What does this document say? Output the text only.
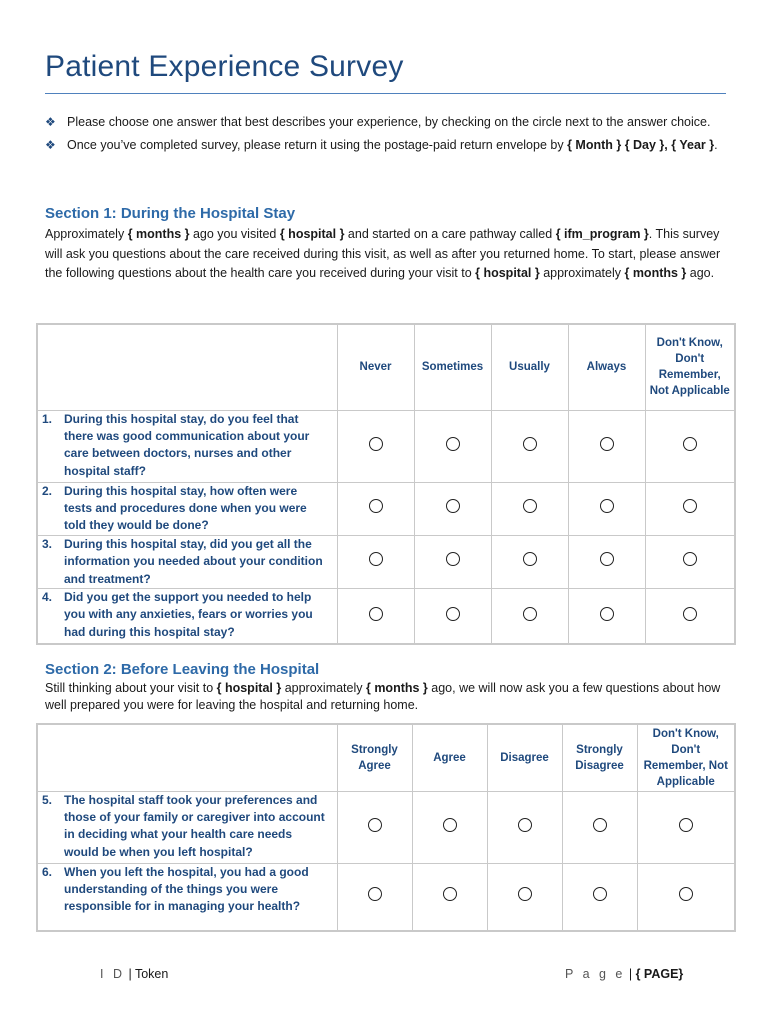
Patient Experience Survey
❖ Please choose one answer that best describes your experience, by checking on the circle next to the answer choice.
❖ Once you’ve completed survey, please return it using the postage-paid return envelope by { Month } { Day }, { Year }.
Section 1: During the Hospital Stay
Approximately { months } ago you visited { hospital } and started on a care pathway called { ifm_program }. This survey will ask you questions about the care received during this visit, as well as after you returned home. To start, please answer the following questions about the health care you received during your visit to { hospital } approximately { months } ago.
	Never	Sometimes	Usually	Always	Don't Know, Don't Remember, Not Applicable

1. During this hospital stay, do you feel that there was good communication about your care between doctors, nurses and other hospital staff?					

2. During this hospital stay, how often were tests and procedures done when you were told they would be done?					

3. During this hospital stay, did you get all the information you needed about your condition and treatment?					

4. Did you get the support you needed to help you with any anxieties, fears or worries you had during this hospital stay?					

Section 2: Before Leaving the Hospital
Still thinking about your visit to { hospital } approximately { months } ago, we will now ask you a few questions about how well prepared you were for leaving the hospital and returning home.
	Strongly Agree	Agree	Disagree	Strongly Disagree	Don't Know, Don't Remember, Not Applicable

5. The hospital staff took your preferences and those of your family or caregiver into account in deciding what your health care needs would be when you left hospital?					

6. When you left the hospital, you had a good understanding of the things you were responsible for in managing your health?					

I D | Token	P a g e | { PAGE}
